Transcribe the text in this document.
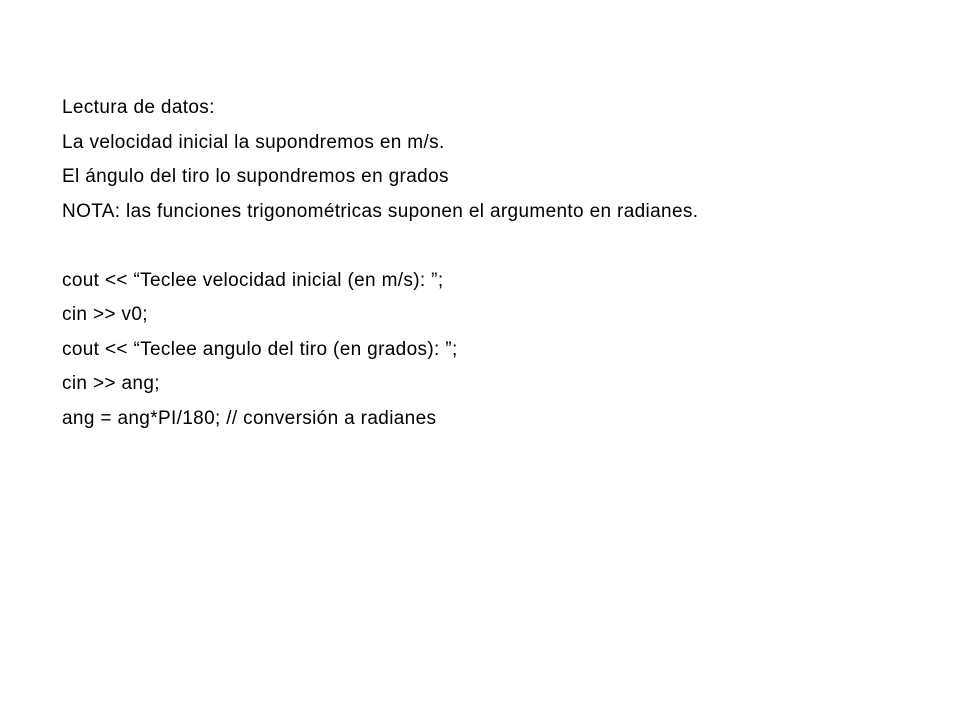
Lectura de datos:
La velocidad inicial la supondremos en m/s.
El ángulo del tiro lo supondremos en grados
NOTA: las funciones trigonométricas suponen el argumento en radianes.
cout << “Teclee velocidad inicial (en m/s): ”;
cin >> v0;
cout << “Teclee angulo del tiro (en grados): ”;
cin >> ang;
ang = ang*PI/180; // conversión a radianes
